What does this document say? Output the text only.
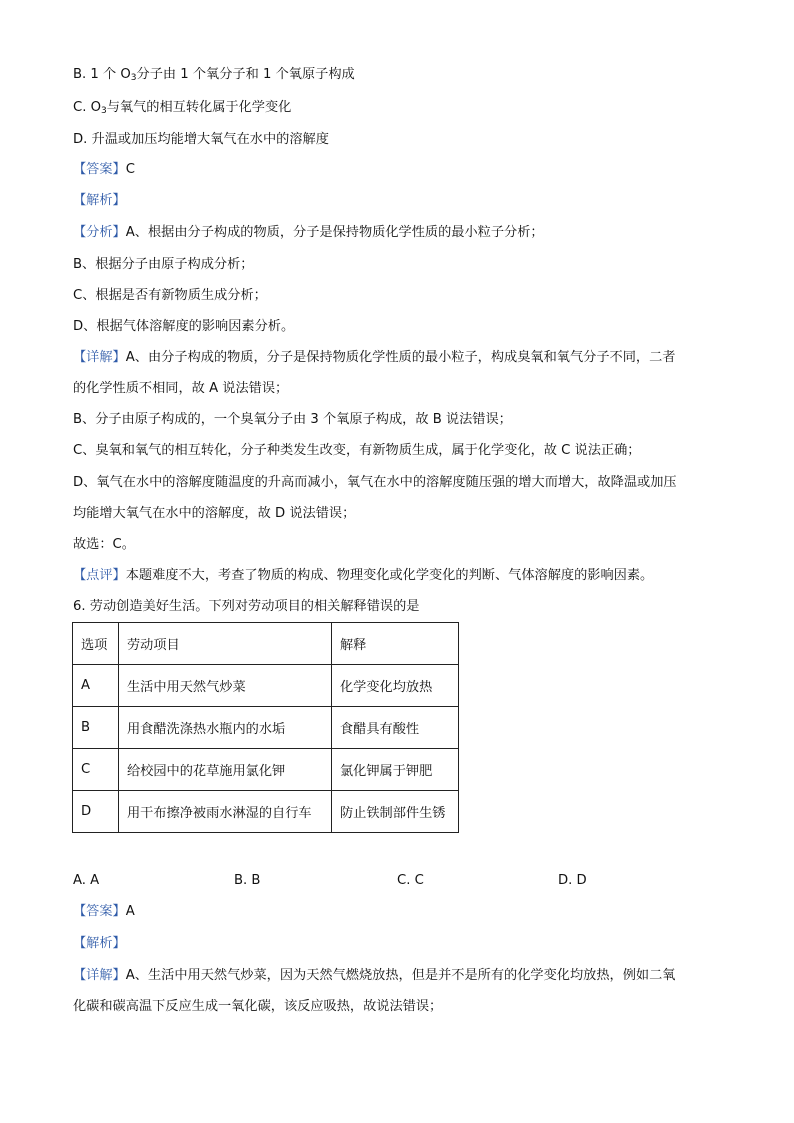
B. 1 个 $O_3$分子由 1 个氧分子和 1 个氧原子构成
C. $O_3$与氧气的相互转化属于化学变化
D. 升温或加压均能增大氧气在水中的溶解度
【答案】C
【解析】
【分析】A、根据由分子构成的物质，分子是保持物质化学性质的最小粒子分析；
B、根据分子由原子构成分析；
C、根据是否有新物质生成分析；
D、根据气体溶解度的影响因素分析。
【详解】A、由分子构成的物质，分子是保持物质化学性质的最小粒子，构成臭氧和氧气分子不同，二者
的化学性质不相同，故 A 说法错误；
B、分子由原子构成的，一个臭氧分子由 3 个氧原子构成，故 B 说法错误；
C、臭氧和氧气的相互转化，分子种类发生改变，有新物质生成，属于化学变化，故 C 说法正确；
D、氧气在水中的溶解度随温度的升高而减小，氧气在水中的溶解度随压强的增大而增大，故降温或加压
均能增大氧气在水中的溶解度，故 D 说法错误；
故选：C。
【点评】本题难度不大，考查了物质的构成、物理变化或化学变化的判断、气体溶解度的影响因素。
6. 劳动创造美好生活。下列对劳动项目的相关解释错误的是
选项	劳动项目	解释
A	生活中用天然气炒菜	化学变化均放热
B	用食醋洗涤热水瓶内的水垢	食醋具有酸性
C	给校园中的花草施用氯化钾	氯化钾属于钾肥
D	用干布擦净被雨水淋湿的自行车	防止铁制部件生锈
A. A	B. B	C. C	D. D
【答案】A
【解析】
【详解】A、生活中用天然气炒菜，因为天然气燃烧放热，但是并不是所有的化学变化均放热，例如二氧
化碳和碳高温下反应生成一氧化碳，该反应吸热，故说法错误；
